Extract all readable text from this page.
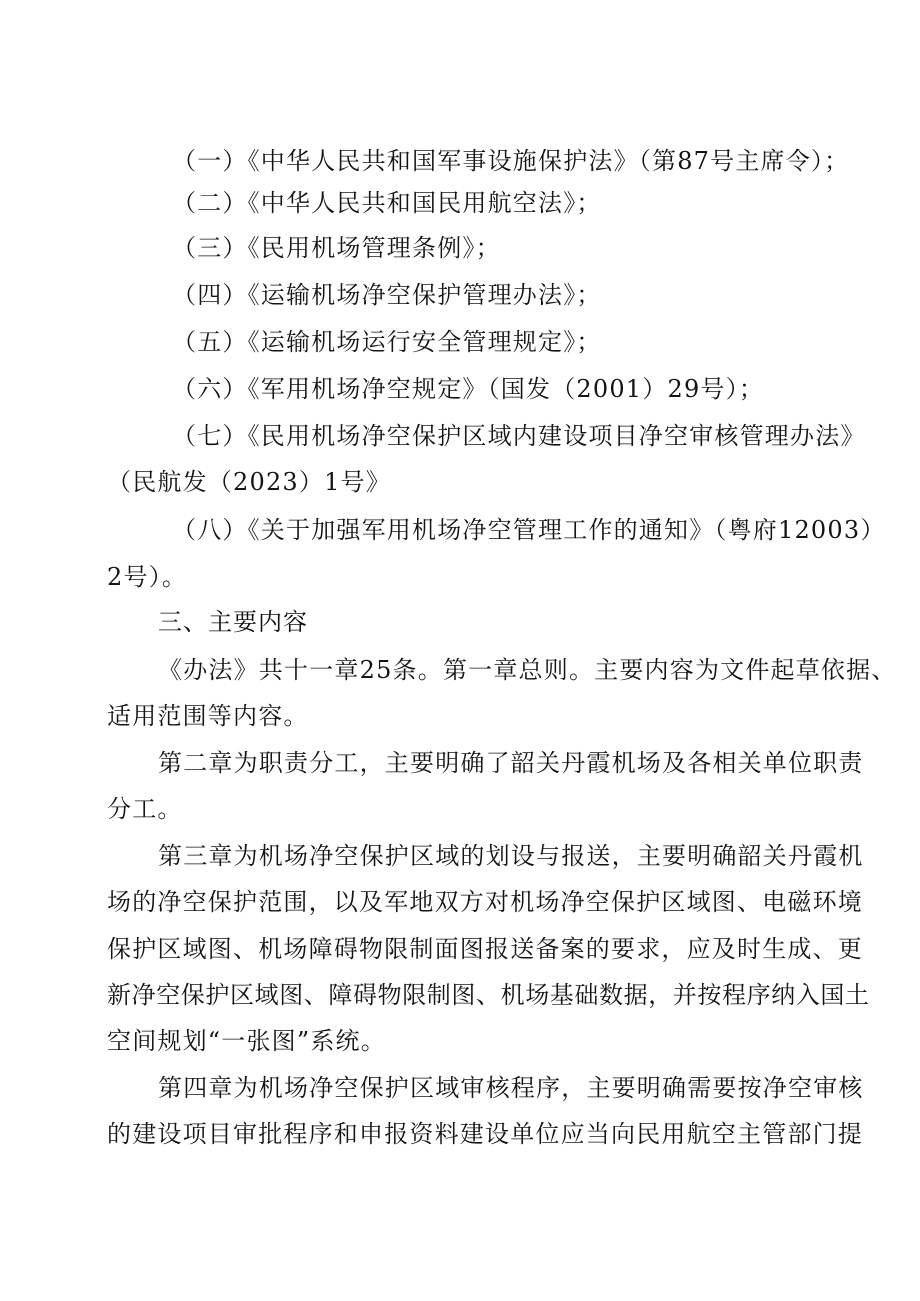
（一）《中华人民共和国军事设施保护法》（第87号主席令）；
（二）《中华人民共和国民用航空法》；
（三）《民用机场管理条例》；
（四）《运输机场净空保护管理办法》；
（五）《运输机场运行安全管理规定》；
（六）《军用机场净空规定》（国发（2001）29号）；
（七）《民用机场净空保护区域内建设项目净空审核管理办法》
（民航发（2023）1号》
（八）《关于加强军用机场净空管理工作的通知》（粤府12003）
2号）。
三、主要内容
《办法》共十一章25条。第一章总则。主要内容为文件起草依据、
适用范围等内容。
第二章为职责分工，主要明确了韶关丹霞机场及各相关单位职责
分工。
第三章为机场净空保护区域的划设与报送，主要明确韶关丹霞机
场的净空保护范围，以及军地双方对机场净空保护区域图、电磁环境
保护区域图、机场障碍物限制面图报送备案的要求，应及时生成、更
新净空保护区域图、障碍物限制图、机场基础数据，并按程序纳入国土
空间规划“一张图”系统。
第四章为机场净空保护区域审核程序，主要明确需要按净空审核
的建设项目审批程序和申报资料建设单位应当向民用航空主管部门提
